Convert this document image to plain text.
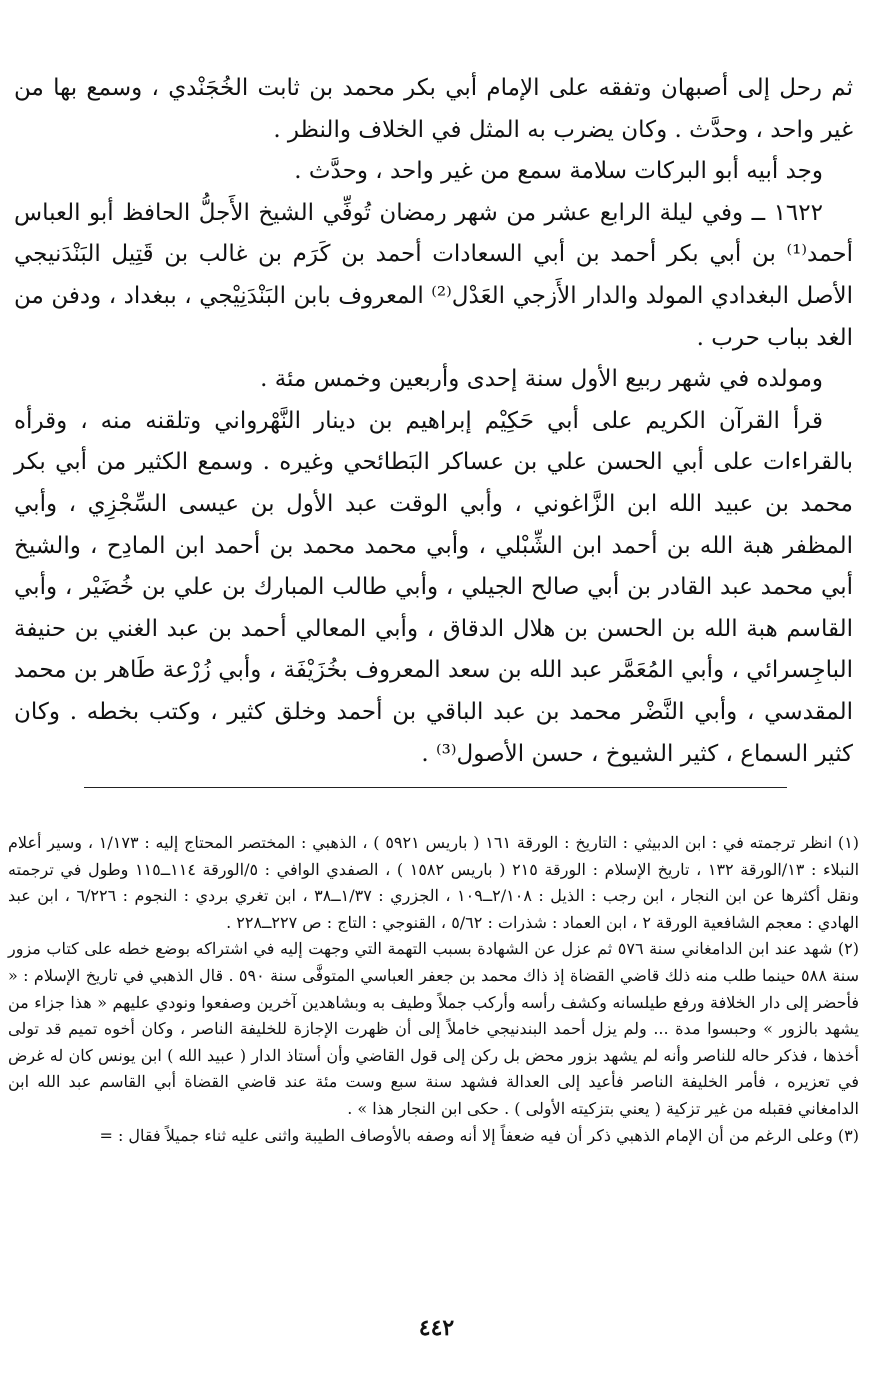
ثم رحل إلى أصبهان وتفقه على الإمام أبي بكر محمد بن ثابت الخُجَنْدي ، وسمع بها من غير واحد ، وحدَّث . وكان يضرب به المثل في الخلاف والنظر .

وجد أبيه أبو البركات سلامة سمع من غير واحد ، وحدَّث .

١٦٢٢ ــ وفي ليلة الرابع عشر من شهر رمضان تُوفِّي الشيخ الأَجلُّ الحافظ أبو العباس أحمد⁽¹⁾ بن أبي بكر أحمد بن أبي السعادات أحمد بن كَرَم بن غالب بن قَتِيل البَنْدَنيجي الأصل البغدادي المولد والدار الأَزجي العَدْل⁽²⁾ المعروف بابن البَنْدَنِيْجي ، ببغداد ، ودفن من الغد بباب حرب .

ومولده في شهر ربيع الأول سنة إحدى وأربعين وخمس مئة .

قرأ القرآن الكريم على أبي حَكِيْم إبراهيم بن دينار النَّهْرواني وتلقنه منه ، وقرأه بالقراءات على أبي الحسن علي بن عساكر البَطائحي وغيره . وسمع الكثير من أبي بكر محمد بن عبيد الله ابن الزَّاغوني ، وأبي الوقت عبد الأول بن عيسى السِّجْزِي ، وأبي المظفر هبة الله بن أحمد ابن الشِّبْلي ، وأبي محمد محمد بن أحمد ابن المادِح ، والشيخ أبي محمد عبد القادر بن أبي صالح الجيلي ، وأبي طالب المبارك بن علي بن خُضَيْر ، وأبي القاسم هبة الله بن الحسن بن هلال الدقاق ، وأبي المعالي أحمد بن عبد الغني بن حنيفة الباجِسرائي ، وأبي المُعَمَّر عبد الله بن سعد المعروف بخُزَيْفَة ، وأبي زُرْعة طَاهر بن محمد المقدسي ، وأبي النَّضْر محمد بن عبد الباقي بن أحمد وخلق كثير ، وكتب بخطه . وكان كثير السماع ، كثير الشيوخ ، حسن الأصول⁽³⁾ .

(١) انظر ترجمته في : ابن الدبيثي : التاريخ : الورقة ١٦١ ( باريس ٥٩٢١ ) ، الذهبي : المختصر المحتاج إليه : ١/١٧٣ ، وسير أعلام النبلاء : ١٣/الورقة ١٣٢ ، تاريخ الإسلام : الورقة ٢١٥ ( باريس ١٥٨٢ ) ، الصفدي الوافي : ٥/الورقة ١١٤ــ١١٥ وطول في ترجمته ونقل أكثرها عن ابن النجار ، ابن رجب : الذيل : ٢/١٠٨ــ١٠٩ ، الجزري : ١/٣٧ــ٣٨ ، ابن تغري بردي : النجوم : ٦/٢٢٦ ، ابن عبد الهادي : معجم الشافعية الورقة ٢ ، ابن العماد : شذرات : ٥/٦٢ ، القنوجي : التاج : ص ٢٢٧ــ٢٢٨ .

(٢) شهد عند ابن الدامغاني سنة ٥٧٦ ثم عزل عن الشهادة بسبب التهمة التي وجهت إليه في اشتراكه بوضع خطه على كتاب مزور سنة ٥٨٨ حينما طلب منه ذلك قاضي القضاة إذ ذاك محمد بن جعفر العباسي المتوفَّى سنة ٥٩٠ . قال الذهبي في تاريخ الإسلام : « فأحضر إلى دار الخلافة ورفع طيلسانه وكشف رأسه وأركب جملاً وطيف به وبشاهدين آخرين وصفعوا ونودي عليهم « هذا جزاء من يشهد بالزور » وحبسوا مدة ... ولم يزل أحمد البندنيجي خاملاً إلى أن ظهرت الإجازة للخليفة الناصر ، وكان أخوه تميم قد تولى أخذها ، فذكر حاله للناصر وأنه لم يشهد بزور محض بل ركن إلى قول القاضي وأن أستاذ الدار ( عبيد الله ) ابن يونس كان له غرض في تعزيره ، فأمر الخليفة الناصر فأعيد إلى العدالة فشهد سنة سبع وست مئة عند قاضي القضاة أبي القاسم عبد الله ابن الدامغاني فقبله من غير تزكية ( يعني بتزكيته الأولى ) . حكى ابن النجار هذا » .

(٣) وعلى الرغم من أن الإمام الذهبي ذكر أن فيه ضعفاً إلا أنه وصفه بالأوصاف الطيبة واثنى عليه ثناء جميلاً فقال : =

٤٤٢
